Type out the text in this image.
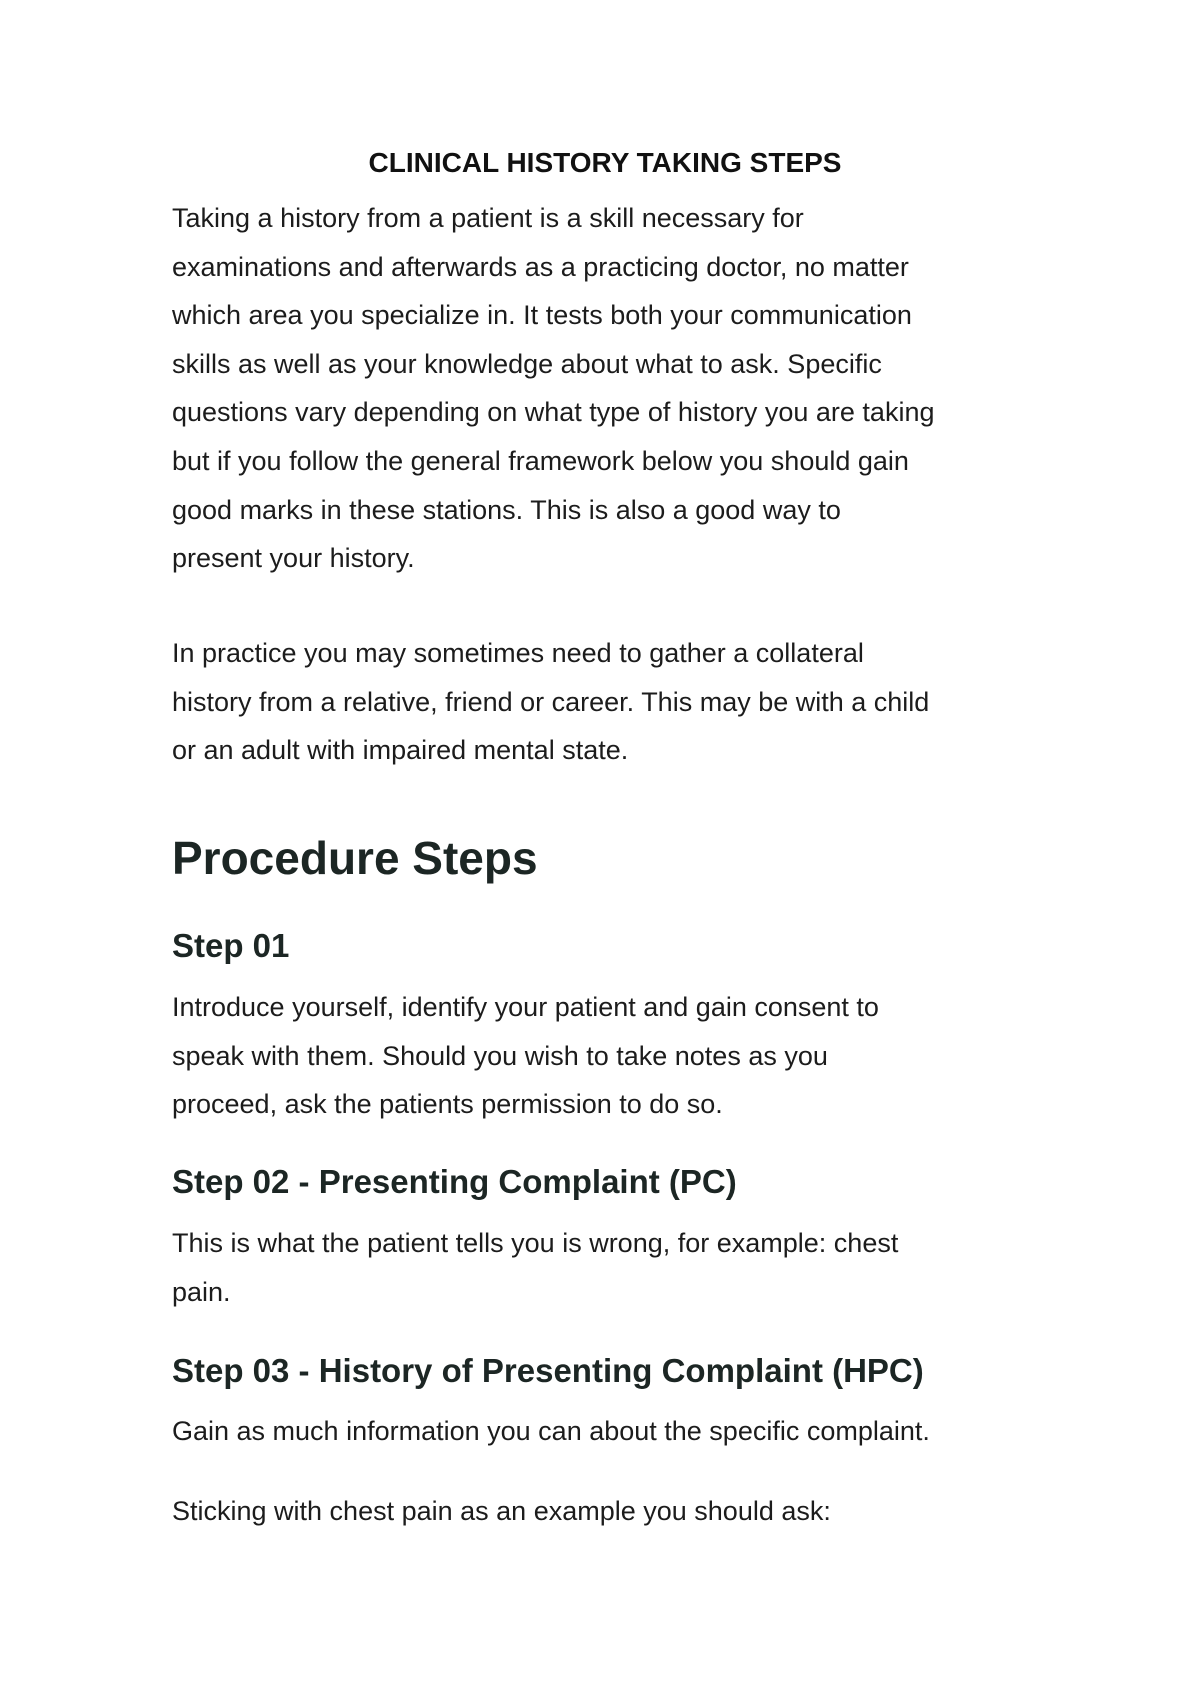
CLINICAL HISTORY TAKING STEPS
Taking a history from a patient is a skill necessary for
examinations and afterwards as a practicing doctor, no matter
which area you specialize in. It tests both your communication
skills as well as your knowledge about what to ask. Specific
questions vary depending on what type of history you are taking
but if you follow the general framework below you should gain
good marks in these stations. This is also a good way to
present your history.
In practice you may sometimes need to gather a collateral
history from a relative, friend or career. This may be with a child
or an adult with impaired mental state.
Procedure Steps
Step 01
Introduce yourself, identify your patient and gain consent to
speak with them. Should you wish to take notes as you
proceed, ask the patients permission to do so.
Step 02 - Presenting Complaint (PC)
This is what the patient tells you is wrong, for example: chest
pain.
Step 03 - History of Presenting Complaint (HPC)
Gain as much information you can about the specific complaint.
Sticking with chest pain as an example you should ask:
